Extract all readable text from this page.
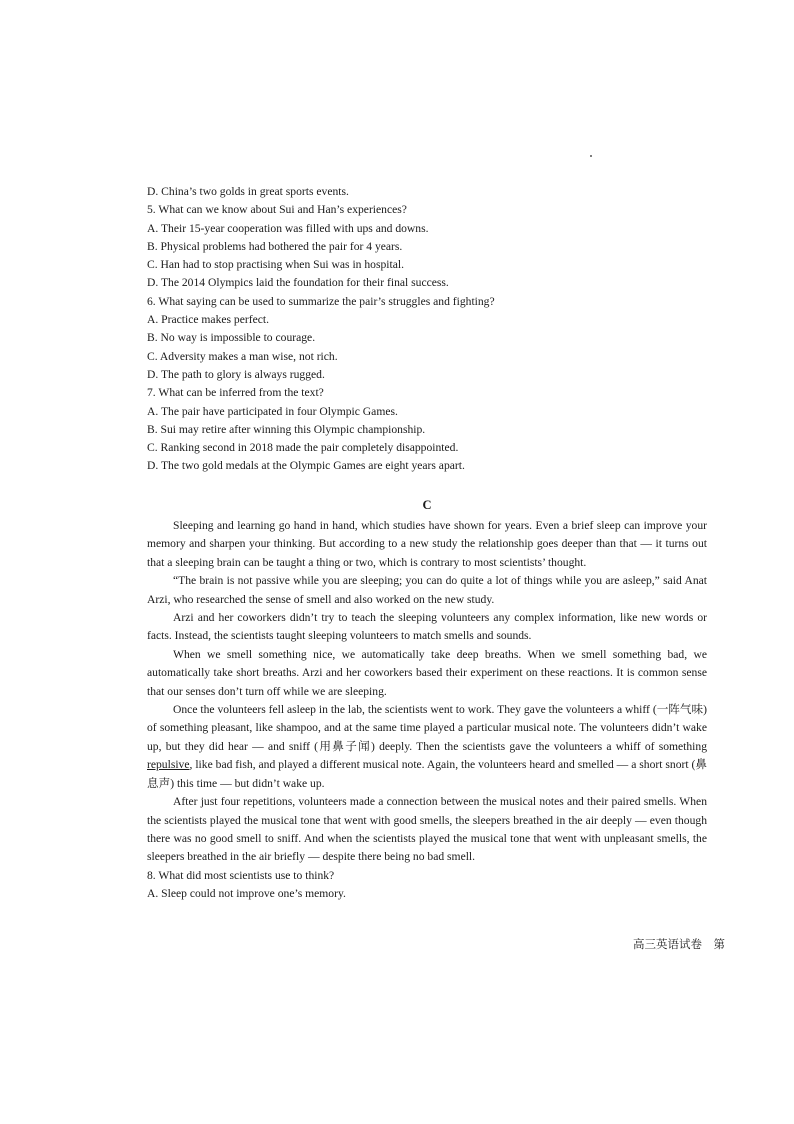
D. China’s two golds in great sports events.
5. What can we know about Sui and Han’s experiences?
A. Their 15-year cooperation was filled with ups and downs.
B. Physical problems had bothered the pair for 4 years.
C. Han had to stop practising when Sui was in hospital.
D. The 2014 Olympics laid the foundation for their final success.
6. What saying can be used to summarize the pair’s struggles and fighting?
A. Practice makes perfect.
B. No way is impossible to courage.
C. Adversity makes a man wise, not rich.
D. The path to glory is always rugged.
7. What can be inferred from the text?
A. The pair have participated in four Olympic Games.
B. Sui may retire after winning this Olympic championship.
C. Ranking second in 2018 made the pair completely disappointed.
D. The two gold medals at the Olympic Games are eight years apart.
C

Sleeping and learning go hand in hand, which studies have shown for years. Even a brief sleep can improve your memory and sharpen your thinking. But according to a new study the relationship goes deeper than that — it turns out that a sleeping brain can be taught a thing or two, which is contrary to most scientists’ thought.

“The brain is not passive while you are sleeping; you can do quite a lot of things while you are asleep,” said Anat Arzi, who researched the sense of smell and also worked on the new study.

Arzi and her coworkers didn’t try to teach the sleeping volunteers any complex information, like new words or facts. Instead, the scientists taught sleeping volunteers to match smells and sounds.

When we smell something nice, we automatically take deep breaths. When we smell something bad, we automatically take short breaths. Arzi and her coworkers based their experiment on these reactions. It is common sense that our senses don’t turn off while we are sleeping.

Once the volunteers fell asleep in the lab, the scientists went to work. They gave the volunteers a whiff (一阵气味) of something pleasant, like shampoo, and at the same time played a particular musical note. The volunteers didn’t wake up, but they did hear — and sniff (用鼻子闻) deeply. Then the scientists gave the volunteers a whiff of something repulsive, like bad fish, and played a different musical note. Again, the volunteers heard and smelled — a short snort (鼻息声) this time — but didn’t wake up.

After just four repetitions, volunteers made a connection between the musical notes and their paired smells. When the scientists played the musical tone that went with good smells, the sleepers breathed in the air deeply — even though there was no good smell to sniff. And when the scientists played the musical tone that went with unpleasant smells, the sleepers breathed in the air briefly — despite there being no bad smell.

8. What did most scientists use to think?

A. Sleep could not improve one’s memory.

高三英语试卷　第
